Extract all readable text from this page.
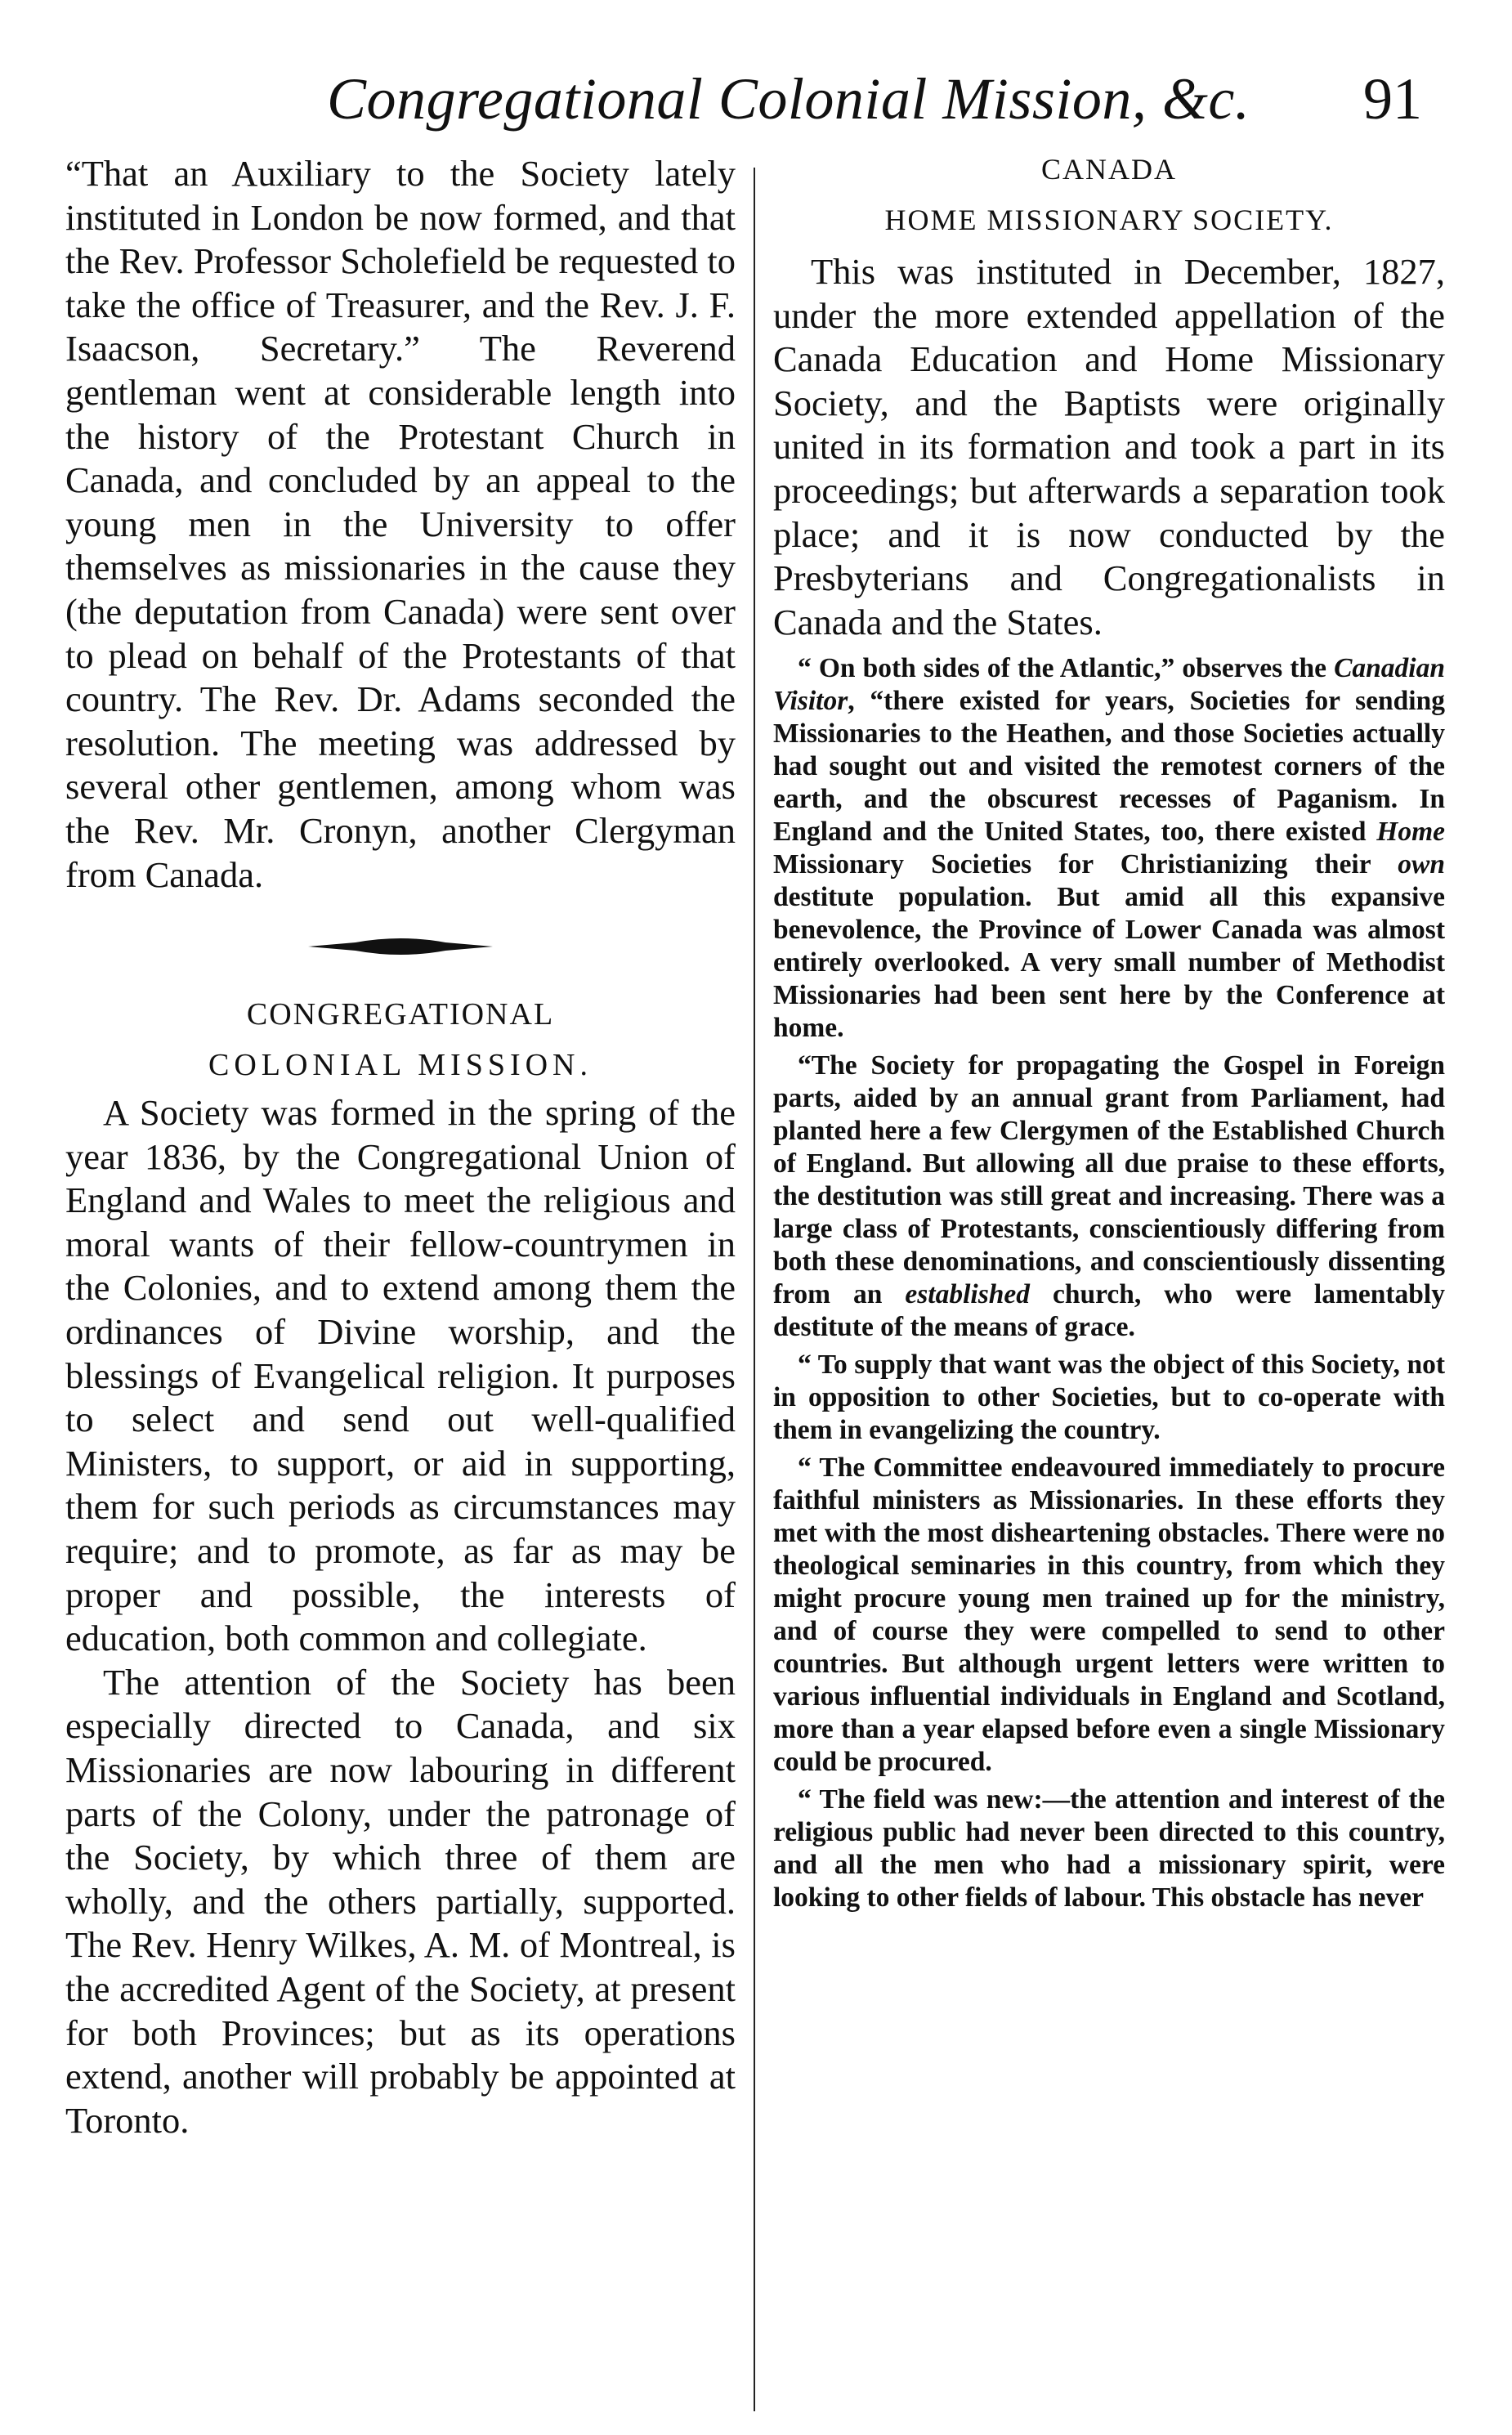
Congregational Colonial Mission, &c. 91

“That an Auxiliary to the Society lately instituted in London be now formed, and that the Rev. Professor Scholefield be requested to take the office of Treasurer, and the Rev. J. F. Isaacson, Secretary.” The Reverend gentleman went at considerable length into the history of the Protestant Church in Canada, and concluded by an appeal to the young men in the University to offer themselves as missionaries in the cause they (the deputation from Canada) were sent over to plead on behalf of the Protestants of that country. The Rev. Dr. Adams seconded the resolution. The meeting was addressed by several other gentlemen, among whom was the Rev. Mr. Cronyn, another Clergyman from Canada.

CONGREGATIONAL

COLONIAL MISSION.

A Society was formed in the spring of the year 1836, by the Congregational Union of England and Wales to meet the religious and moral wants of their fellow-countrymen in the Colonies, and to extend among them the ordinances of Divine worship, and the blessings of Evangelical religion. It purposes to select and send out well-qualified Ministers, to support, or aid in supporting, them for such periods as circumstances may require; and to promote, as far as may be proper and possible, the interests of education, both common and collegiate.

The attention of the Society has been especially directed to Canada, and six Missionaries are now labouring in different parts of the Colony, under the patronage of the Society, by which three of them are wholly, and the others partially, supported. The Rev. Henry Wilkes, A. M. of Montreal, is the accredited Agent of the Society, at present for both Provinces; but as its operations extend, another will probably be appointed at Toronto.

CANADA

HOME MISSIONARY SOCIETY.

This was instituted in December, 1827, under the more extended appellation of the Canada Education and Home Missionary Society, and the Baptists were originally united in its formation and took a part in its proceedings; but afterwards a separation took place; and it is now conducted by the Presbyterians and Congregationalists in Canada and the States.

“ On both sides of the Atlantic,” observes the Canadian Visitor, “there existed for years, Societies for sending Missionaries to the Heathen, and those Societies actually had sought out and visited the remotest corners of the earth, and the obscurest recesses of Paganism. In England and the United States, too, there existed Home Missionary Societies for Christianizing their own destitute population. But amid all this expansive benevolence, the Province of Lower Canada was almost entirely overlooked. A very small number of Methodist Missionaries had been sent here by the Conference at home.

“The Society for propagating the Gospel in Foreign parts, aided by an annual grant from Parliament, had planted here a few Clergymen of the Established Church of England. But allowing all due praise to these efforts, the destitution was still great and increasing. There was a large class of Protestants, conscientiously differing from both these denominations, and conscientiously dissenting from an established church, who were lamentably destitute of the means of grace.

“ To supply that want was the object of this Society, not in opposition to other Societies, but to co-operate with them in evangelizing the country.

“ The Committee endeavoured immediately to procure faithful ministers as Missionaries. In these efforts they met with the most disheartening obstacles. There were no theological seminaries in this country, from which they might procure young men trained up for the ministry, and of course they were compelled to send to other countries. But although urgent letters were written to various influential individuals in England and Scotland, more than a year elapsed before even a single Missionary could be procured.

“ The field was new:—the attention and interest of the religious public had never been directed to this country, and all the men who had a missionary spirit, were looking to other fields of labour. This obstacle has never
